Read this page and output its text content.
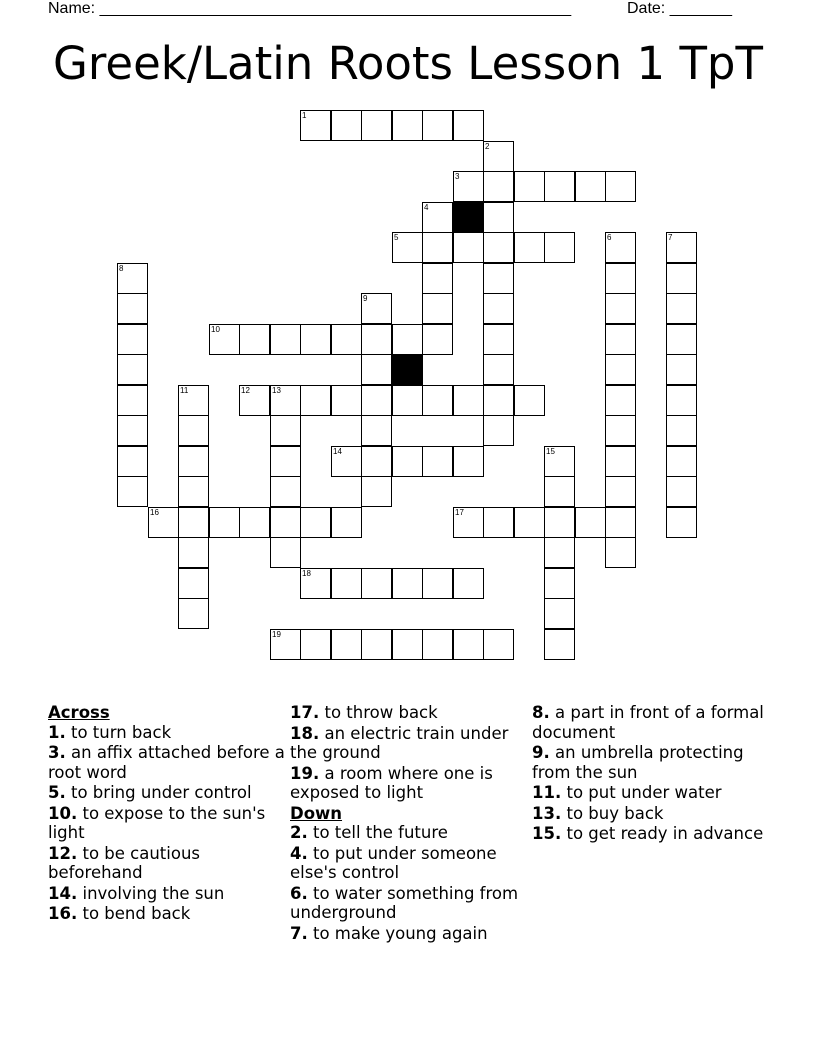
Name: _____________________________________________________	Date: _______
Greek/Latin Roots Lesson 1 TpT
1
2
3
4
5	6	7
8
9
10
11	12	13
14	15
16	17
18
19
Across
1. to turn back
3. an affix attached before a root word
5. to bring under control
10. to expose to the sun's light
12. to be cautious beforehand
14. involving the sun
16. to bend back
17. to throw back
18. an electric train under the ground
19. a room where one is exposed to light
Down
2. to tell the future
4. to put under someone else's control
6. to water something from underground
7. to make young again
8. a part in front of a formal document
9. an umbrella protecting from the sun
11. to put under water
13. to buy back
15. to get ready in advance
